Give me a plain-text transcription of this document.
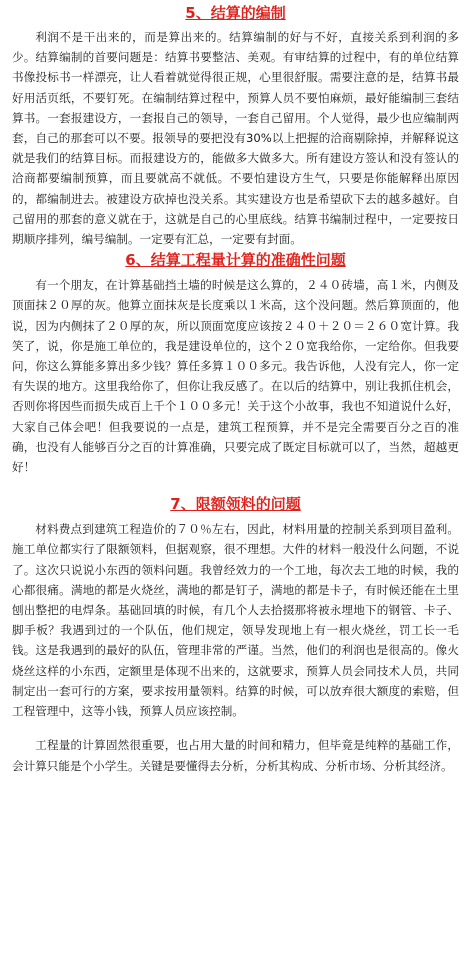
5、结算的编制

利润不是干出来的，而是算出来的。结算编制的好与不好，直接关系到利润的多少。结算编制的首要问题是：结算书要整洁、美观。有审结算的过程中，有的单位结算书像投标书一样漂亮，让人看着就觉得很正规，心里很舒服。需要注意的是，结算书最好用活页纸，不要钉死。在编制结算过程中，预算人员不要怕麻烦，最好能编制三套结算书。一套报建设方，一套报自己的领导，一套自己留用。个人觉得，最少也应编制两套，自己的那套可以不要。报领导的要把没有30%以上把握的洽商剔除掉，并解释说这就是我们的结算目标。而报建设方的，能做多大做多大。所有建设方签认和没有签认的洽商都要编制预算，而且要就高不就低。不要怕建设方生气，只要是你能解释出原因的，都编制进去。被建设方砍掉也没关系。其实建设方也是希望砍下去的越多越好。自己留用的那套的意义就在于，这就是自己的心里底线。结算书编制过程中，一定要按日期顺序排列，编号编制。一定要有汇总，一定要有封面。

6、结算工程量计算的准确性问题

有一个朋友，在计算基础挡土墙的时候是这么算的，２４０砖墙，高１米，内侧及顶面抹２０厚的灰。他算立面抹灰是长度乘以１米高，这个没问题。然后算顶面的，他说，因为内侧抹了２０厚的灰，所以顶面宽度应该按２４０＋２０＝２６０宽计算。我笑了，说，你是施工单位的，我是建设单位的，这个２０宽我给你，一定给你。但我要问，你这么算能多算出多少钱？算任多算１００多元。我告诉他，人没有完人，你一定有失误的地方。这里我给你了，但你让我反感了。在以后的结算中，别让我抓住机会，否则你将因些而损失成百上千个１００多元！关于这个小故事，我也不知道说什么好，大家自己体会吧！但我要说的一点是，建筑工程预算，并不是完全需要百分之百的准确，也没有人能够百分之百的计算准确，只要完成了既定目标就可以了，当然，超越更好！

7、限额领料的问题

材料费点到建筑工程造价的７０％左右，因此，材料用量的控制关系到项目盈利。施工单位都实行了限额领料，但据观察，很不理想。大件的材料一般没什么问题，不说了。这次只说说小东西的领料问题。我曾经效力的一个工地，每次去工地的时候，我的心都很痛。满地的都是火烧丝，满地的都是钉子，满地的都是卡子，有时候还能在土里刨出整把的电焊条。基础回填的时候，有几个人去拾掇那将被永埋地下的钢管、卡子、脚手板？我遇到过的一个队伍，他们规定，领导发现地上有一根火烧丝，罚工长一毛钱。这是我遇到的最好的队伍，管理非常的严谨。当然，他们的利润也是很高的。像火烧丝这样的小东西，定额里是体现不出来的，这就要求，预算人员会同技术人员，共同制定出一套可行的方案，要求按用量领料。结算的时候，可以放弃很大额度的索赔，但工程管理中，这等小钱，预算人员应该控制。

工程量的计算固然很重要，也占用大量的时间和精力，但毕竟是纯粹的基础工作，会计算只能是个小学生。关键是要懂得去分析，分析其构成、分析市场、分析其经济。
